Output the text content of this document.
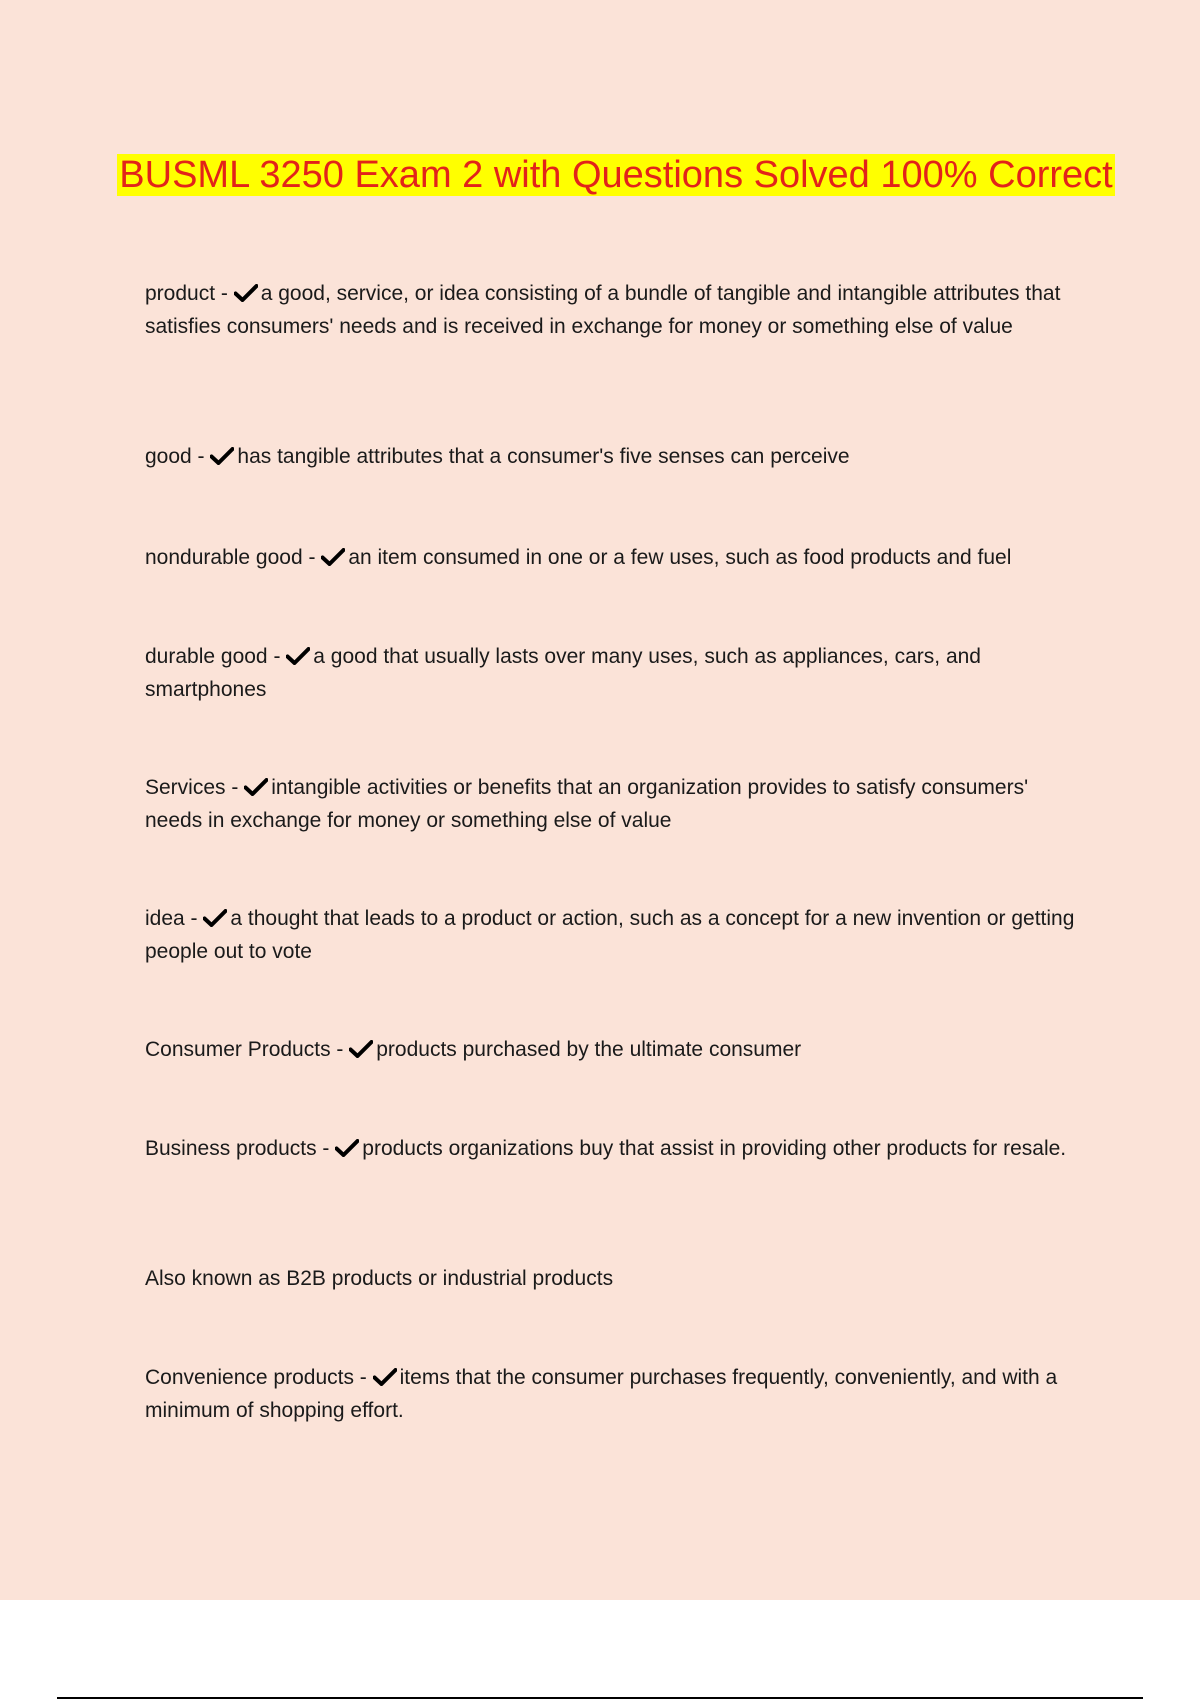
BUSML 3250 Exam 2 with Questions Solved 100% Correct

product - a good, service, or idea consisting of a bundle of tangible and intangible attributes that satisfies consumers' needs and is received in exchange for money or something else of value

good - has tangible attributes that a consumer's five senses can perceive

nondurable good - an item consumed in one or a few uses, such as food products and fuel

durable good - a good that usually lasts over many uses, such as appliances, cars, and smartphones

Services - intangible activities or benefits that an organization provides to satisfy consumers' needs in exchange for money or something else of value

idea - a thought that leads to a product or action, such as a concept for a new invention or getting people out to vote

Consumer Products - products purchased by the ultimate consumer

Business products - products organizations buy that assist in providing other products for resale.

Also known as B2B products or industrial products

Convenience products - items that the consumer purchases frequently, conveniently, and with a minimum of shopping effort.
